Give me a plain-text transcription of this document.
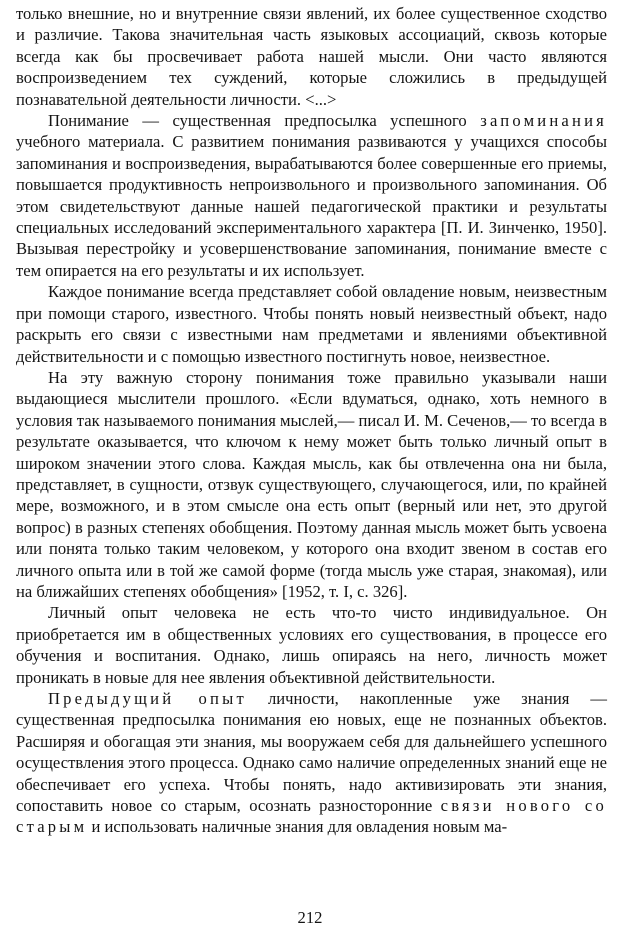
только внешние, но и внутренние связи явлений, их более существенное сходство и различие. Такова значительная часть языковых ассоциаций, сквозь которые всегда как бы просвечивает работа нашей мысли. Они часто являются воспроизведением тех суждений, которые сложились в предыдущей познавательной деятельности личности. <...>

Понимание — существенная предпосылка успешного запоминания учебного материала. С развитием понимания развиваются у учащихся способы запоминания и воспроизведения, вырабатываются более совершенные его приемы, повышается продуктивность непроизвольного и произвольного запоминания. Об этом свидетельствуют данные нашей педагогической практики и результаты специальных исследований экспериментального характера [П. И. Зинченко, 1950]. Вызывая перестройку и усовершенствование запоминания, понимание вместе с тем опирается на его результаты и их использует.

Каждое понимание всегда представляет собой овладение новым, неизвестным при помощи старого, известного. Чтобы понять новый неизвестный объект, надо раскрыть его связи с известными нам предметами и явлениями объективной действительности и с помощью известного постигнуть новое, неизвестное.

На эту важную сторону понимания тоже правильно указывали наши выдающиеся мыслители прошлого. «Если вдуматься, однако, хоть немного в условия так называемого понимания мыслей,— писал И. М. Сеченов,— то всегда в результате оказывается, что ключом к нему может быть только личный опыт в широком значении этого слова. Каждая мысль, как бы отвлеченна она ни была, представляет, в сущности, отзвук существующего, случающегося, или, по крайней мере, возможного, и в этом смысле она есть опыт (верный или нет, это другой вопрос) в разных степенях обобщения. Поэтому данная мысль может быть усвоена или понята только таким человеком, у которого она входит звеном в состав его личного опыта или в той же самой форме (тогда мысль уже старая, знакомая), или на ближайших степенях обобщения» [1952, т. I, с. 326].

Личный опыт человека не есть что-то чисто индивидуальное. Он приобретается им в общественных условиях его существования, в процессе его обучения и воспитания. Однако, лишь опираясь на него, личность может проникать в новые для нее явления объективной действительности.

Предыдущий опыт личности, накопленные уже знания — существенная предпосылка понимания ею новых, еще не познанных объектов. Расширяя и обогащая эти знания, мы вооружаем себя для дальнейшего успешного осуществления этого процесса. Однако само наличие определенных знаний еще не обеспечивает его успеха. Чтобы понять, надо активизировать эти знания, сопоставить новое со старым, осознать разносторонние связи нового со старым и использовать наличные знания для овладения новым ма-

212
